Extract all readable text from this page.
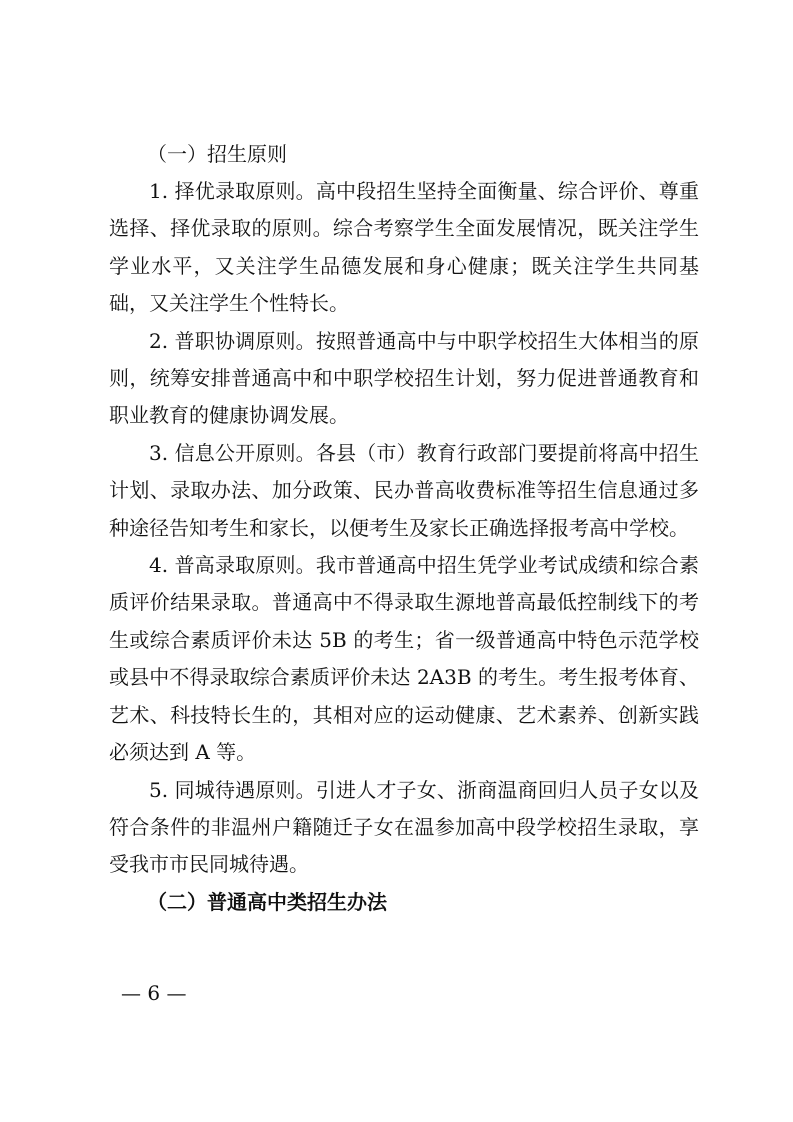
（一）招生原则

1. 择优录取原则。高中段招生坚持全面衡量、综合评价、尊重选择、择优录取的原则。综合考察学生全面发展情况，既关注学生学业水平，又关注学生品德发展和身心健康；既关注学生共同基础，又关注学生个性特长。

2. 普职协调原则。按照普通高中与中职学校招生大体相当的原则，统筹安排普通高中和中职学校招生计划，努力促进普通教育和职业教育的健康协调发展。

3. 信息公开原则。各县（市）教育行政部门要提前将高中招生计划、录取办法、加分政策、民办普高收费标准等招生信息通过多种途径告知考生和家长，以便考生及家长正确选择报考高中学校。

4. 普高录取原则。我市普通高中招生凭学业考试成绩和综合素质评价结果录取。普通高中不得录取生源地普高最低控制线下的考生或综合素质评价未达 5B 的考生；省一级普通高中特色示范学校或县中不得录取综合素质评价未达 2A3B 的考生。考生报考体育、艺术、科技特长生的，其相对应的运动健康、艺术素养、创新实践必须达到 A 等。

5. 同城待遇原则。引进人才子女、浙商温商回归人员子女以及符合条件的非温州户籍随迁子女在温参加高中段学校招生录取，享受我市市民同城待遇。

（二）普通高中类招生办法

— 6 —
